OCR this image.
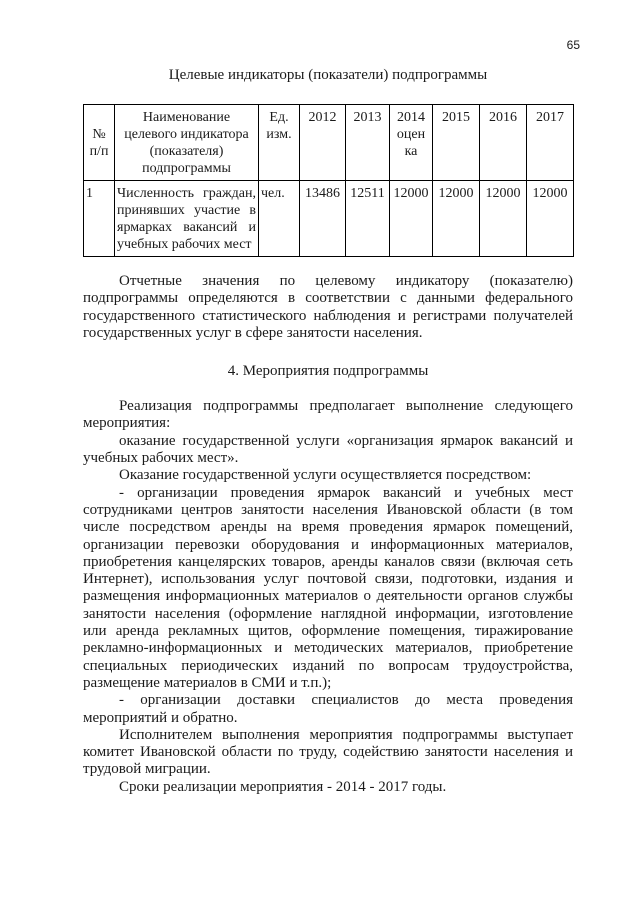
65
Целевые индикаторы (показатели) подпрограммы
№ п/п	Наименование целевого индикатора (показателя) подпрограммы	Ед. изм.	2012	2013	2014 оцен ка	2015	2016	2017
1	Численность граждан, принявших участие в ярмарках вакансий и учебных рабочих мест	чел.	13486	12511	12000	12000	12000	12000

Отчетные значения по целевому индикатору (показателю) подпрограммы определяются в соответствии с данными федерального государственного статистического наблюдения и регистрами получателей государственных услуг в сфере занятости населения.

4. Мероприятия подпрограммы

Реализация подпрограммы предполагает выполнение следующего мероприятия:

оказание государственной услуги «организация ярмарок вакансий и учебных рабочих мест».

Оказание государственной услуги осуществляется посредством:

- организации проведения ярмарок вакансий и учебных мест сотрудниками центров занятости населения Ивановской области (в том числе посредством аренды на время проведения ярмарок помещений, организации перевозки оборудования и информационных материалов, приобретения канцелярских товаров, аренды каналов связи (включая сеть Интернет), использования услуг почтовой связи, подготовки, издания и размещения информационных материалов о деятельности органов службы занятости населения (оформление наглядной информации, изготовление или аренда рекламных щитов, оформление помещения, тиражирование рекламно-информационных и методических материалов, приобретение специальных периодических изданий по вопросам трудоустройства, размещение материалов в СМИ и т.п.);

- организации доставки специалистов до места проведения мероприятий и обратно.

Исполнителем выполнения мероприятия подпрограммы выступает комитет Ивановской области по труду, содействию занятости населения и трудовой миграции.

Сроки реализации мероприятия - 2014 - 2017 годы.
